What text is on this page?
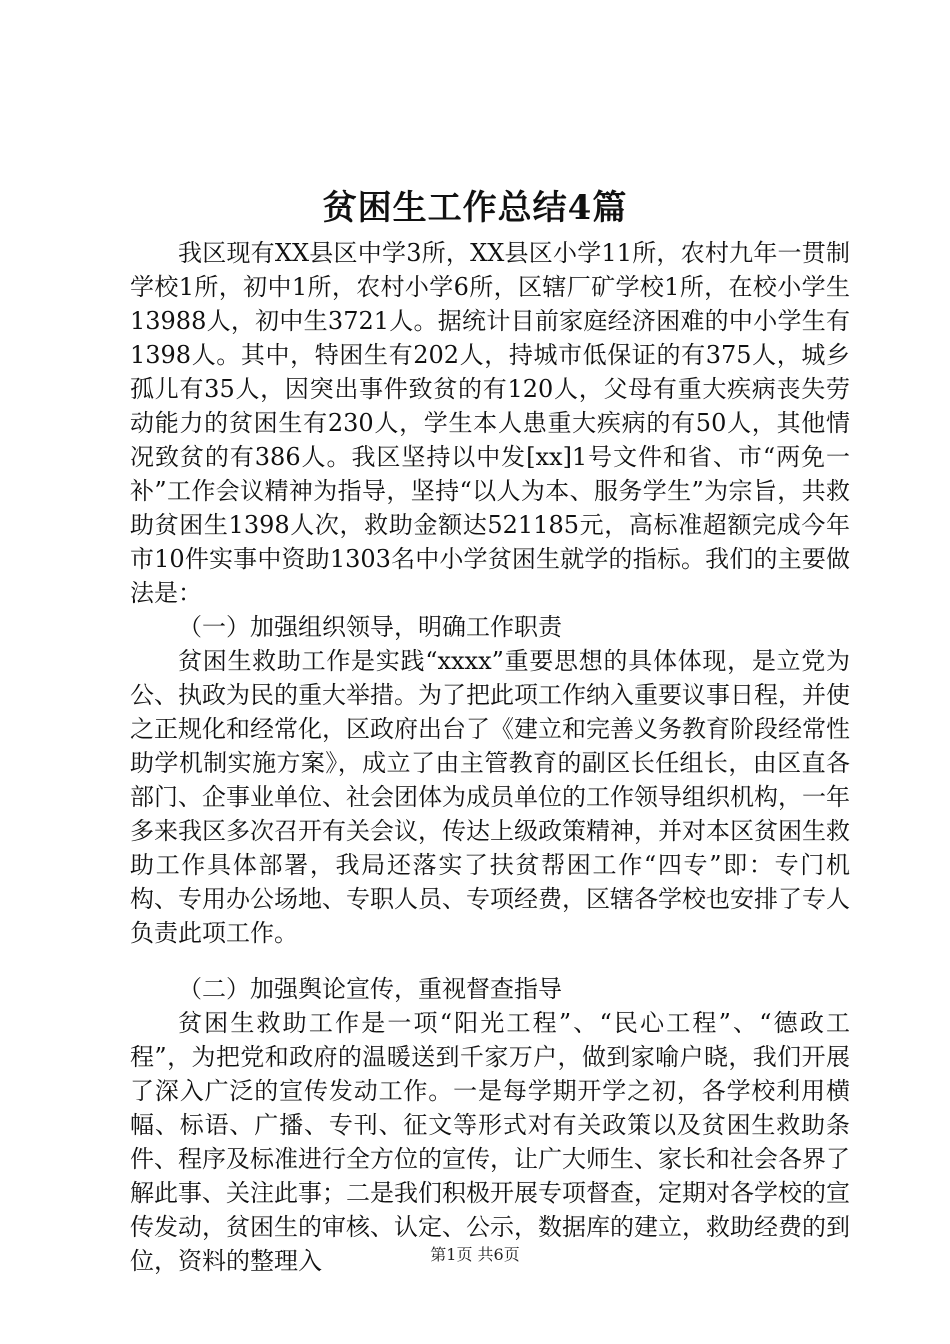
贫困生工作总结4篇

我区现有XX县区中学3所，XX县区小学11所，农村九年一贯制学校1所，初中1所，农村小学6所，区辖厂矿学校1所，在校小学生13988人，初中生3721人。据统计目前家庭经济困难的中小学生有1398人。其中，特困生有202人，持城市低保证的有375人，城乡孤儿有35人，因突出事件致贫的有120人，父母有重大疾病丧失劳动能力的贫困生有230人，学生本人患重大疾病的有50人，其他情况致贫的有386人。我区坚持以中发[xx]1号文件和省、市“两免一补”工作会议精神为指导，坚持“以人为本、服务学生”为宗旨，共救助贫困生1398人次，救助金额达521185元，高标准超额完成今年市10件实事中资助1303名中小学贫困生就学的指标。我们的主要做法是：

（一）加强组织领导，明确工作职责

贫困生救助工作是实践“xxxx”重要思想的具体体现，是立党为公、执政为民的重大举措。为了把此项工作纳入重要议事日程，并使之正规化和经常化，区政府出台了《建立和完善义务教育阶段经常性助学机制实施方案》，成立了由主管教育的副区长任组长，由区直各部门、企事业单位、社会团体为成员单位的工作领导组织机构，一年多来我区多次召开有关会议，传达上级政策精神，并对本区贫困生救助工作具体部署，我局还落实了扶贫帮困工作“四专”即：专门机构、专用办公场地、专职人员、专项经费，区辖各学校也安排了专人负责此项工作。

（二）加强舆论宣传，重视督查指导

贫困生救助工作是一项“阳光工程”、“民心工程”、“德政工程”，为把党和政府的温暖送到千家万户，做到家喻户晓，我们开展了深入广泛的宣传发动工作。一是每学期开学之初，各学校利用横幅、标语、广播、专刊、征文等形式对有关政策以及贫困生救助条件、程序及标准进行全方位的宣传，让广大师生、家长和社会各界了解此事、关注此事；二是我们积极开展专项督查，定期对各学校的宣传发动，贫困生的审核、认定、公示，数据库的建立，救助经费的到位，资料的整理入	第1页 共6页
